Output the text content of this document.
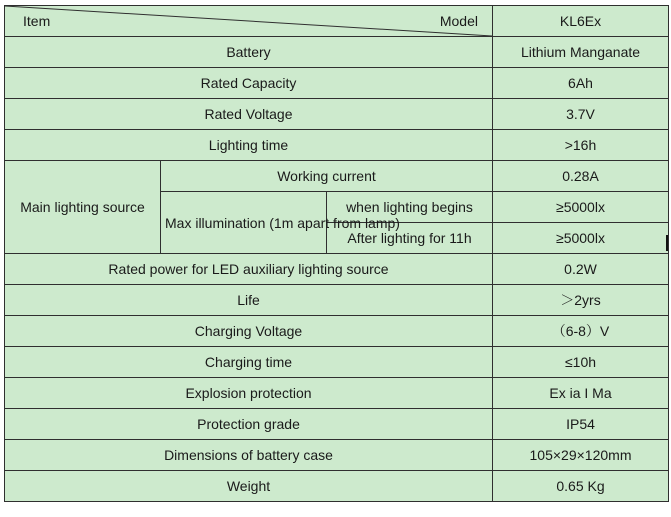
Item Model			KL6Ex
Battery			Lithium Manganate
Rated Capacity			6Ah
Rated Voltage			3.7V
Lighting time			>16h
Main lighting source	Working current		0.28A
	Max illumination (1m apart from lamp)	when lighting begins	≥5000lx
		After lighting for 11h	≥5000lx
Rated power for LED auxiliary lighting source			0.2W
Life			＞2yrs
Charging Voltage			（6-8）V
Charging time			≤10h
Explosion protection			Ex ia I Ma
Protection grade			IP54
Dimensions of battery case			105×29×120mm
Weight			0.65 Kg
